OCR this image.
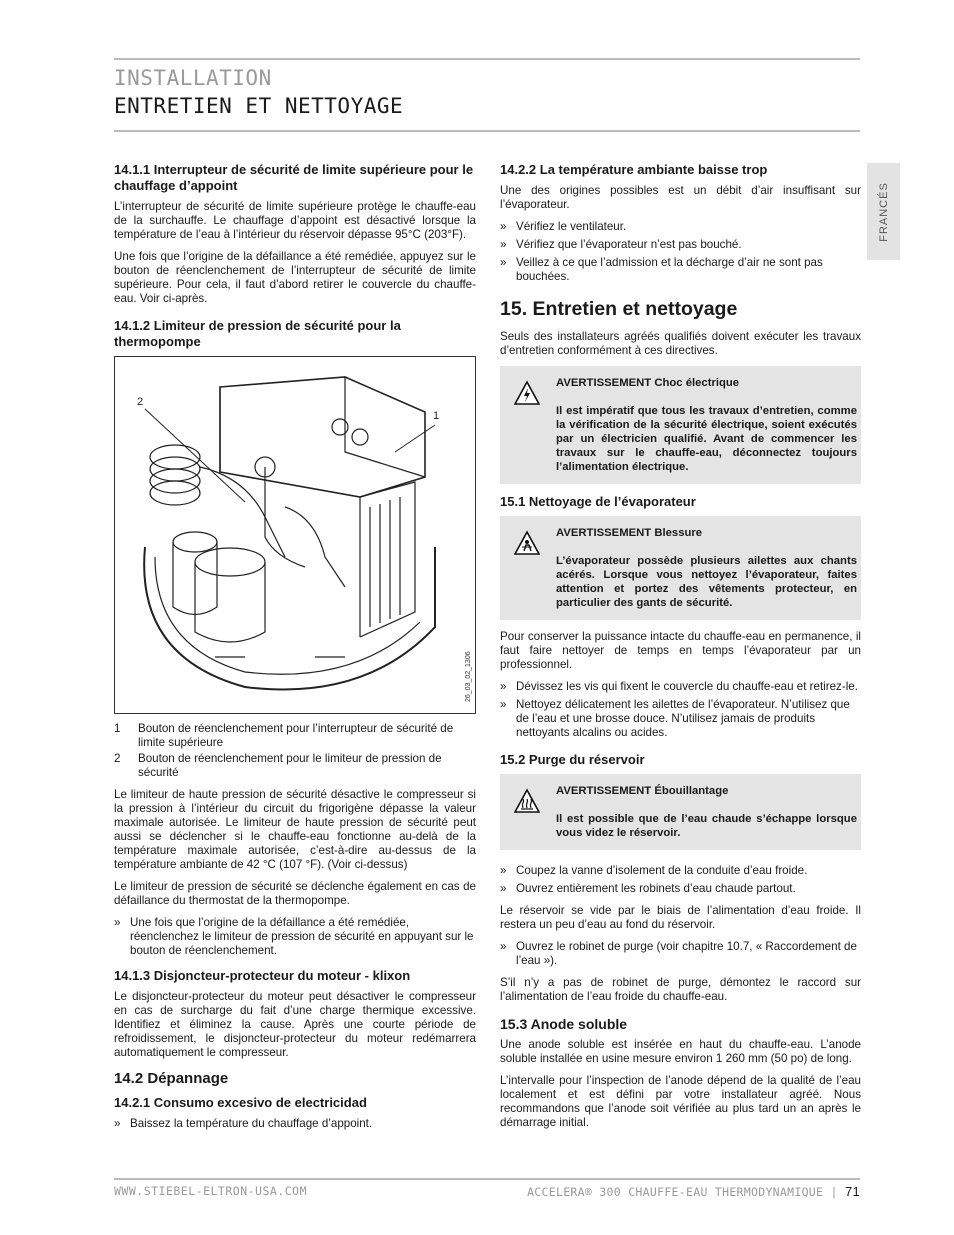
INSTALLATION
ENTRETIEN ET NETTOYAGE
FRANCÉS
14.1.1 Interrupteur de sécurité de limite supérieure pour le chauffage d’appoint

L’interrupteur de sécurité de limite supérieure protège le chauffe-eau de la surchauffe. Le chauffage d’appoint est désactivé lorsque la température de l’eau à l’intérieur du réservoir dépasse 95°C (203°F).

Une fois que l’origine de la défaillance a été remédiée, appuyez sur le bouton de réenclenchement de l’interrupteur de sécurité de limite supérieure. Pour cela, il faut d’abord retirer le couvercle du chauffe-eau. Voir ci-après.

14.1.2 Limiteur de pression de sécurité pour la thermopompe
2
1
26_03_02_1306
1	Bouton de réenclenchement pour l’interrupteur de sécurité de limite supérieure
2	Bouton de réenclenchement pour le limiteur de pression de sécurité

Le limiteur de haute pression de sécurité désactive le compresseur si la pression à l’intérieur du circuit du frigorigène dépasse la valeur maximale autorisée. Le limiteur de haute pression de sécurité peut aussi se déclencher si le chauffe-eau fonctionne au-delà de la température maximale autorisée, c’est-à-dire au-dessus de la température ambiante de 42 °C (107 °F). (Voir ci-dessus)

Le limiteur de pression de sécurité se déclenche également en cas de défaillance du thermostat de la thermopompe.

» Une fois que l’origine de la défaillance a été remédiée, réenclenchez le limiteur de pression de sécurité en appuyant sur le bouton de réenclenchement.
14.1.3 Disjoncteur-protecteur du moteur - klixon

Le disjoncteur-protecteur du moteur peut désactiver le compresseur en cas de surcharge du fait d’une charge thermique excessive. Identifiez et éliminez la cause. Après une courte période de refroidissement, le disjoncteur-protecteur du moteur redémarrera automatiquement le compresseur.

14.2 Dépannage
14.2.1 Consumo excesivo de electricidad
» Baissez la température du chauffage d’appoint.
14.2.2 La température ambiante baisse trop

Une des origines possibles est un débit d’air insuffisant sur l’évaporateur.

» Vérifiez le ventilateur.
» Vérifiez que l’évaporateur n’est pas bouché.
» Veillez à ce que l’admission et la décharge d’air ne sont pas bouchées.
15. Entretien et nettoyage

Seuls des installateurs agréés qualifiés doivent exécuter les travaux d’entretien conformément à ces directives.

AVERTISSEMENT Choc électrique
Il est impératif que tous les travaux d’entretien, comme la vérification de la sécurité électrique, soient exécutés par un électricien qualifié. Avant de commencer les travaux sur le chauffe-eau, déconnectez toujours l’alimentation électrique.
15.1 Nettoyage de l’évaporateur
AVERTISSEMENT Blessure
L’évaporateur possède plusieurs ailettes aux chants acérés. Lorsque vous nettoyez l’évaporateur, faites attention et portez des vêtements protecteur, en particulier des gants de sécurité.

Pour conserver la puissance intacte du chauffe-eau en permanence, il faut faire nettoyer de temps en temps l’évaporateur par un professionnel.

» Dévissez les vis qui fixent le couvercle du chauffe-eau et retirez-le.
» Nettoyez délicatement les ailettes de l’évaporateur. N’utilisez que de l’eau et une brosse douce. N’utilisez jamais de produits nettoyants alcalins ou acides.
15.2 Purge du réservoir
AVERTISSEMENT Ébouillantage
Il est possible que de l’eau chaude s’échappe lorsque vous videz le réservoir.
» Coupez la vanne d’isolement de la conduite d’eau froide.
» Ouvrez entièrement les robinets d’eau chaude partout.

Le réservoir se vide par le biais de l’alimentation d’eau froide. Il restera un peu d’eau au fond du réservoir.

» Ouvrez le robinet de purge (voir chapitre 10.7, « Raccordement de l’eau »).

S’il n’y a pas de robinet de purge, démontez le raccord sur l’alimentation de l’eau froide du chauffe-eau.

15.3 Anode soluble

Une anode soluble est insérée en haut du chauffe-eau. L’anode soluble installée en usine mesure environ 1 260 mm (50 po) de long.

L’intervalle pour l’inspection de l’anode dépend de la qualité de l’eau localement et est défini par votre installateur agréé. Nous recommandons que l’anode soit vérifiée au plus tard un an après le démarrage initial.

WWW.STIEBEL-ELTRON-USA.COM	ACCELERA® 300 CHAUFFE-EAU THERMODYNAMIQUE | 71
